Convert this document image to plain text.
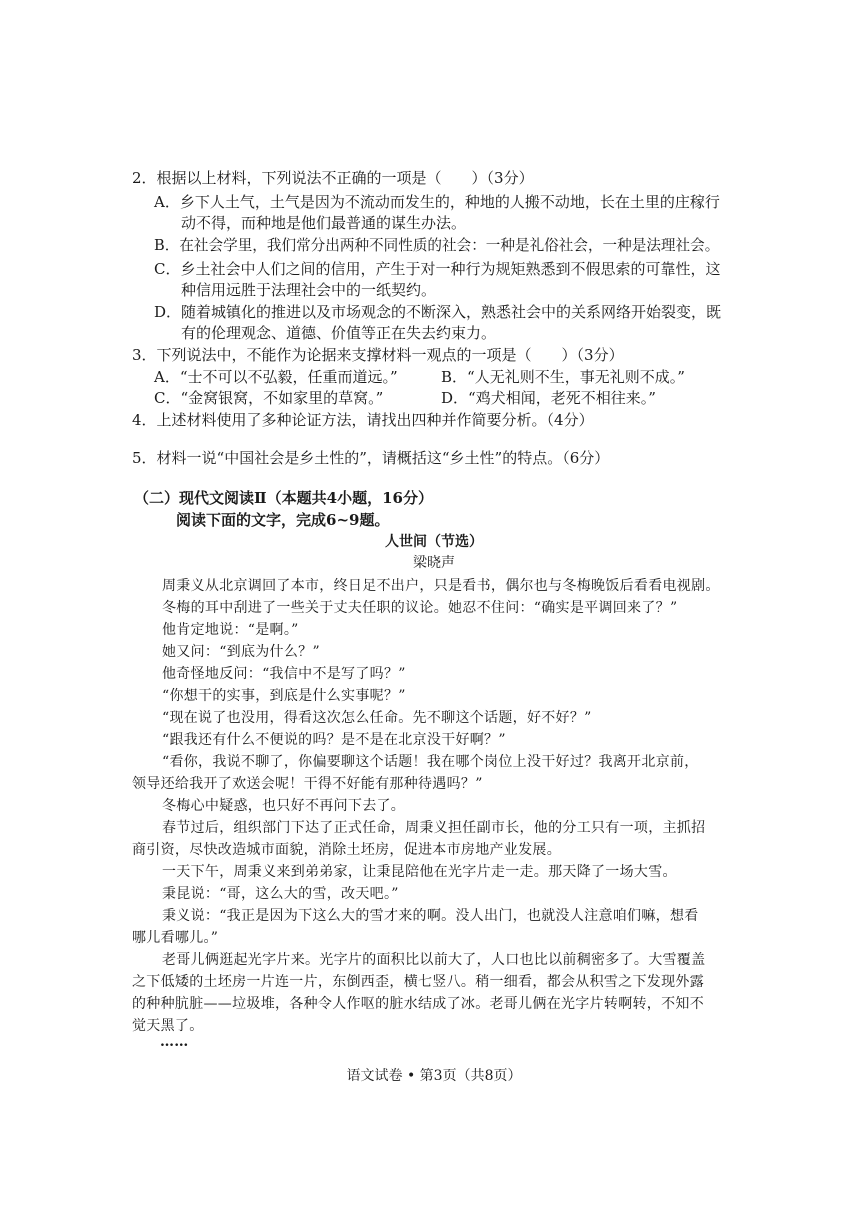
2．根据以上材料，下列说法不正确的一项是（　　）（3分）
A．乡下人土气，土气是因为不流动而发生的，种地的人搬不动地，长在土里的庄稼行
动不得，而种地是他们最普通的谋生办法。
B．在社会学里，我们常分出两种不同性质的社会：一种是礼俗社会，一种是法理社会。
C．乡土社会中人们之间的信用，产生于对一种行为规矩熟悉到不假思索的可靠性，这
种信用远胜于法理社会中的一纸契约。
D．随着城镇化的推进以及市场观念的不断深入，熟悉社会中的关系网络开始裂变，既
有的伦理观念、道德、价值等正在失去约束力。
3．下列说法中，不能作为论据来支撑材料一观点的一项是（　　）（3分）
A．“士不可以不弘毅，任重而道远。”	B．“人无礼则不生，事无礼则不成。”
C．“金窝银窝，不如家里的草窝。”	D．“鸡犬相闻，老死不相往来。”
4．上述材料使用了多种论证方法，请找出四种并作简要分析。（4分）
5．材料一说“中国社会是乡土性的”，请概括这“乡土性”的特点。（6分）
（二）现代文阅读Ⅱ（本题共4小题，16分）
阅读下面的文字，完成6~9题。
人世间（节选）
梁晓声
周秉义从北京调回了本市，终日足不出户，只是看书，偶尔也与冬梅晚饭后看看电视剧。
冬梅的耳中刮进了一些关于丈夫任职的议论。她忍不住问：“确实是平调回来了？”
他肯定地说：“是啊。”
她又问：“到底为什么？”
他奇怪地反问：“我信中不是写了吗？”
“你想干的实事，到底是什么实事呢？”
“现在说了也没用，得看这次怎么任命。先不聊这个话题，好不好？”
“跟我还有什么不便说的吗？是不是在北京没干好啊？”
“看你，我说不聊了，你偏要聊这个话题！我在哪个岗位上没干好过？我离开北京前，
领导还给我开了欢送会呢！干得不好能有那种待遇吗？”
冬梅心中疑惑，也只好不再问下去了。
春节过后，组织部门下达了正式任命，周秉义担任副市长，他的分工只有一项，主抓招
商引资，尽快改造城市面貌，消除土坯房，促进本市房地产业发展。
一天下午，周秉义来到弟弟家，让秉昆陪他在光字片走一走。那天降了一场大雪。
秉昆说：“哥，这么大的雪，改天吧。”
秉义说：“我正是因为下这么大的雪才来的啊。没人出门，也就没人注意咱们嘛，想看
哪儿看哪儿。”
老哥儿俩逛起光字片来。光字片的面积比以前大了，人口也比以前稠密多了。大雪覆盖
之下低矮的土坯房一片连一片，东倒西歪，横七竖八。稍一细看，都会从积雪之下发现外露
的种种肮脏——垃圾堆，各种令人作呕的脏水结成了冰。老哥儿俩在光字片转啊转，不知不
觉天黑了。
……
语文试卷 • 第3页（共8页）
